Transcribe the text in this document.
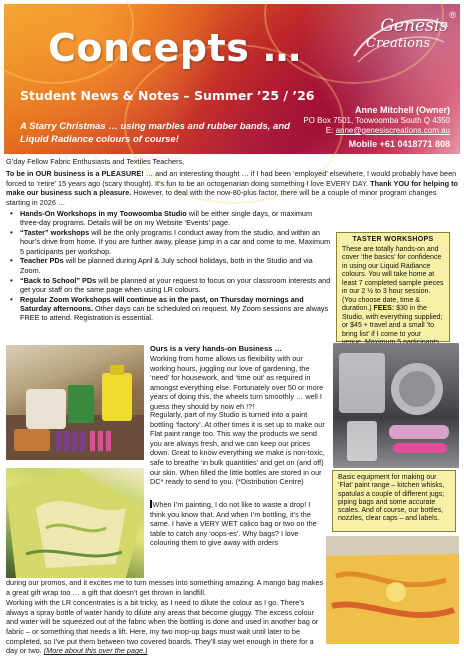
Concepts …	Genesis
Creations
®
Student News & Notes – Summer ’25 / ’26
A Starry Christmas … using marbles and rubber bands, and Liquid Radiance colours of course!
Anne Mitchell (Owner)
PO Box 7501, Toowoomba South Q 4350
E: anne@genesiscreations.com.au
Mobile +61 0418771 808
G’day Fellow Fabric Enthusiasts and Textiles Teachers,
To be in OUR business is a PLEASURE! … and an interesting thought … if I had been ‘employed’ elsewhere, I would probably have been forced to ‘retire’ 15 years ago (scary thought). It’s fun to be an octogenarian doing something I love EVERY DAY. Thank YOU for helping to make our business such a pleasure. However, to deal with the now-80-plus factor, there will be a couple of minor program changes starting in 2026 …
• Hands-On Workshops in my Toowoomba Studio will be either single days, or maximum three-day programs. Details will be on my Website ‘Events’ page.
• “Taster” workshops will be the only programs I conduct away from the studio, and within an hour’s drive from home. If you are further away, please jump in a car and come to me. Maximum 5 participants per workshop.
• Teacher PDs will be planned during April & July school holidays, both in the Studio and via Zoom.
• “Back to School” PDs will be planned at your request to focus on your classroom interests and get your staff on the same page when using LR colours.
• Regular Zoom Workshops will continue as in the past, on Thursday mornings and Saturday afternoons. Other days can be scheduled on request. My Zoom sessions are always FREE to attend. Registration is essential.
TASTER WORKSHOPS
These are totally hands-on and cover ‘the basics’ for confidence in using our Liquid Radiance colours. You will take home at least 7 completed sample pieces in our 2 ½ to 3 hour session. (You choose date, time & duration.) FEES: $30 in the Studio, with everything supplied; or $45 + travel and a small ‘to bring list’ if I come to your
Basic equipment for making our ‘Flat’ paint range – kitchen whisks, spatulas a couple of different jugs; piping bags and some accurate scales. And of course, our bottles, nozzles, clear caps – and labels.
Ours is a very hands-on Business …
Working from home allows us flexibility with our working hours, juggling our love of gardening, the ‘need’ for housework, and ‘time out’ as required in amongst everything else. Fortunately over 50 or more years of doing this, the wheels turn smoothly … well I guess they should by now eh !?!
Regularly, part of my Studio is turned into a paint bottling ‘factory’. At other times it is set up to make our Flat paint range too. This way the products we send you are always fresh, and we can keep our prices down. Great to know everything we make is non-toxic, safe to breathe ‘in bulk quantities’ and get on (and off) our skin. When filled the little bottles are stored in our DC* ready to send to you. (*Distribution Centre)
When I’m painting, I do not like to waste a drop! I think you know that. And when I’m bottling, it’s the same. I have a VERY WET calico bag or two on the table to catch any ‘oops-es’. Why bags? I love colouring them to give away with orders
during our promos, and it excites me to turn messes into something amazing. A mango bag makes a great gift wrap too … a gift that doesn’t get thrown in landfill.
Working with the LR concentrates is a bit tricky, as I need to dilute the colour as I go. There’s always a spray bottle of water handy to dilute any areas that become gluggy. The excess colour and water will be squeezed out of the fabric when the bottling is done and used in another bag or fabric – or something that needs a lift. Here, my two mop-up bags must wait until later to be completed, so I’ve put them between two covered boards. They’ll stay wet enough in there for a day or two. (More about this over the page.)
